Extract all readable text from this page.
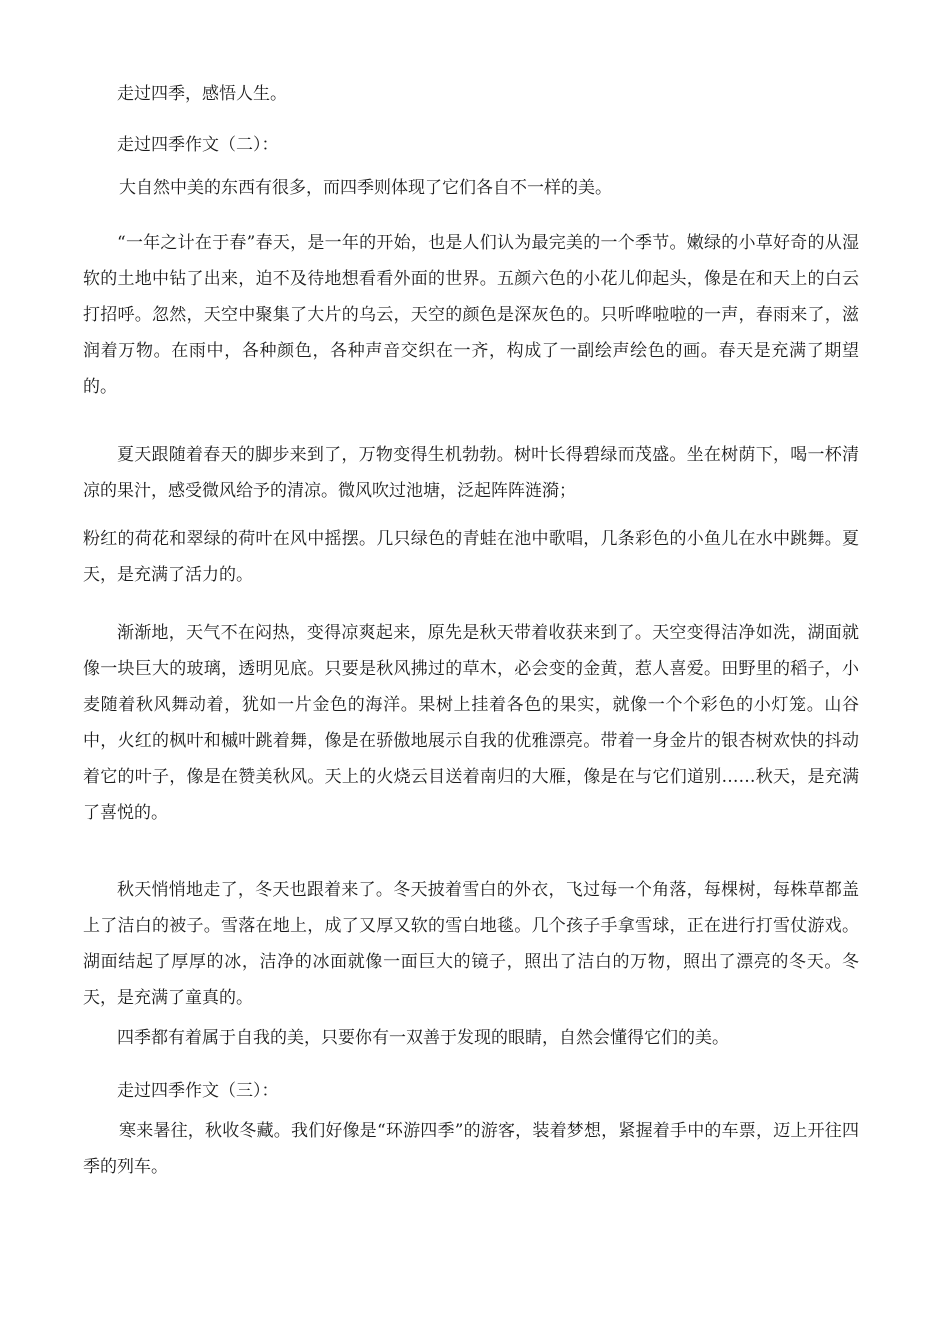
走过四季，感悟人生。

走过四季作文（二）：

大自然中美的东西有很多，而四季则体现了它们各自不一样的美。

“一年之计在于春”春天，是一年的开始，也是人们认为最完美的一个季节。嫩绿的小草好奇的从湿软的土地中钻了出来，迫不及待地想看看外面的世界。五颜六色的小花儿仰起头，像是在和天上的白云打招呼。忽然，天空中聚集了大片的乌云，天空的颜色是深灰色的。只听哗啦啦的一声，春雨来了，滋润着万物。在雨中，各种颜色，各种声音交织在一齐，构成了一副绘声绘色的画。春天是充满了期望的。

夏天跟随着春天的脚步来到了，万物变得生机勃勃。树叶长得碧绿而茂盛。坐在树荫下，喝一杯清凉的果汁，感受微风给予的清凉。微风吹过池塘，泛起阵阵涟漪；

粉红的荷花和翠绿的荷叶在风中摇摆。几只绿色的青蛙在池中歌唱，几条彩色的小鱼儿在水中跳舞。夏天，是充满了活力的。

渐渐地，天气不在闷热，变得凉爽起来，原先是秋天带着收获来到了。天空变得洁净如洗，湖面就像一块巨大的玻璃，透明见底。只要是秋风拂过的草木，必会变的金黄，惹人喜爱。田野里的稻子，小麦随着秋风舞动着，犹如一片金色的海洋。果树上挂着各色的果实，就像一个个彩色的小灯笼。山谷中，火红的枫叶和槭叶跳着舞，像是在骄傲地展示自我的优雅漂亮。带着一身金片的银杏树欢快的抖动着它的叶子，像是在赞美秋风。天上的火烧云目送着南归的大雁，像是在与它们道别……秋天，是充满了喜悦的。

秋天悄悄地走了，冬天也跟着来了。冬天披着雪白的外衣，飞过每一个角落，每棵树，每株草都盖上了洁白的被子。雪落在地上，成了又厚又软的雪白地毯。几个孩子手拿雪球，正在进行打雪仗游戏。湖面结起了厚厚的冰，洁净的冰面就像一面巨大的镜子，照出了洁白的万物，照出了漂亮的冬天。冬天，是充满了童真的。

四季都有着属于自我的美，只要你有一双善于发现的眼睛，自然会懂得它们的美。

走过四季作文（三）：

寒来暑往，秋收冬藏。我们好像是“环游四季”的游客，装着梦想，紧握着手中的车票，迈上开往四季的列车。
